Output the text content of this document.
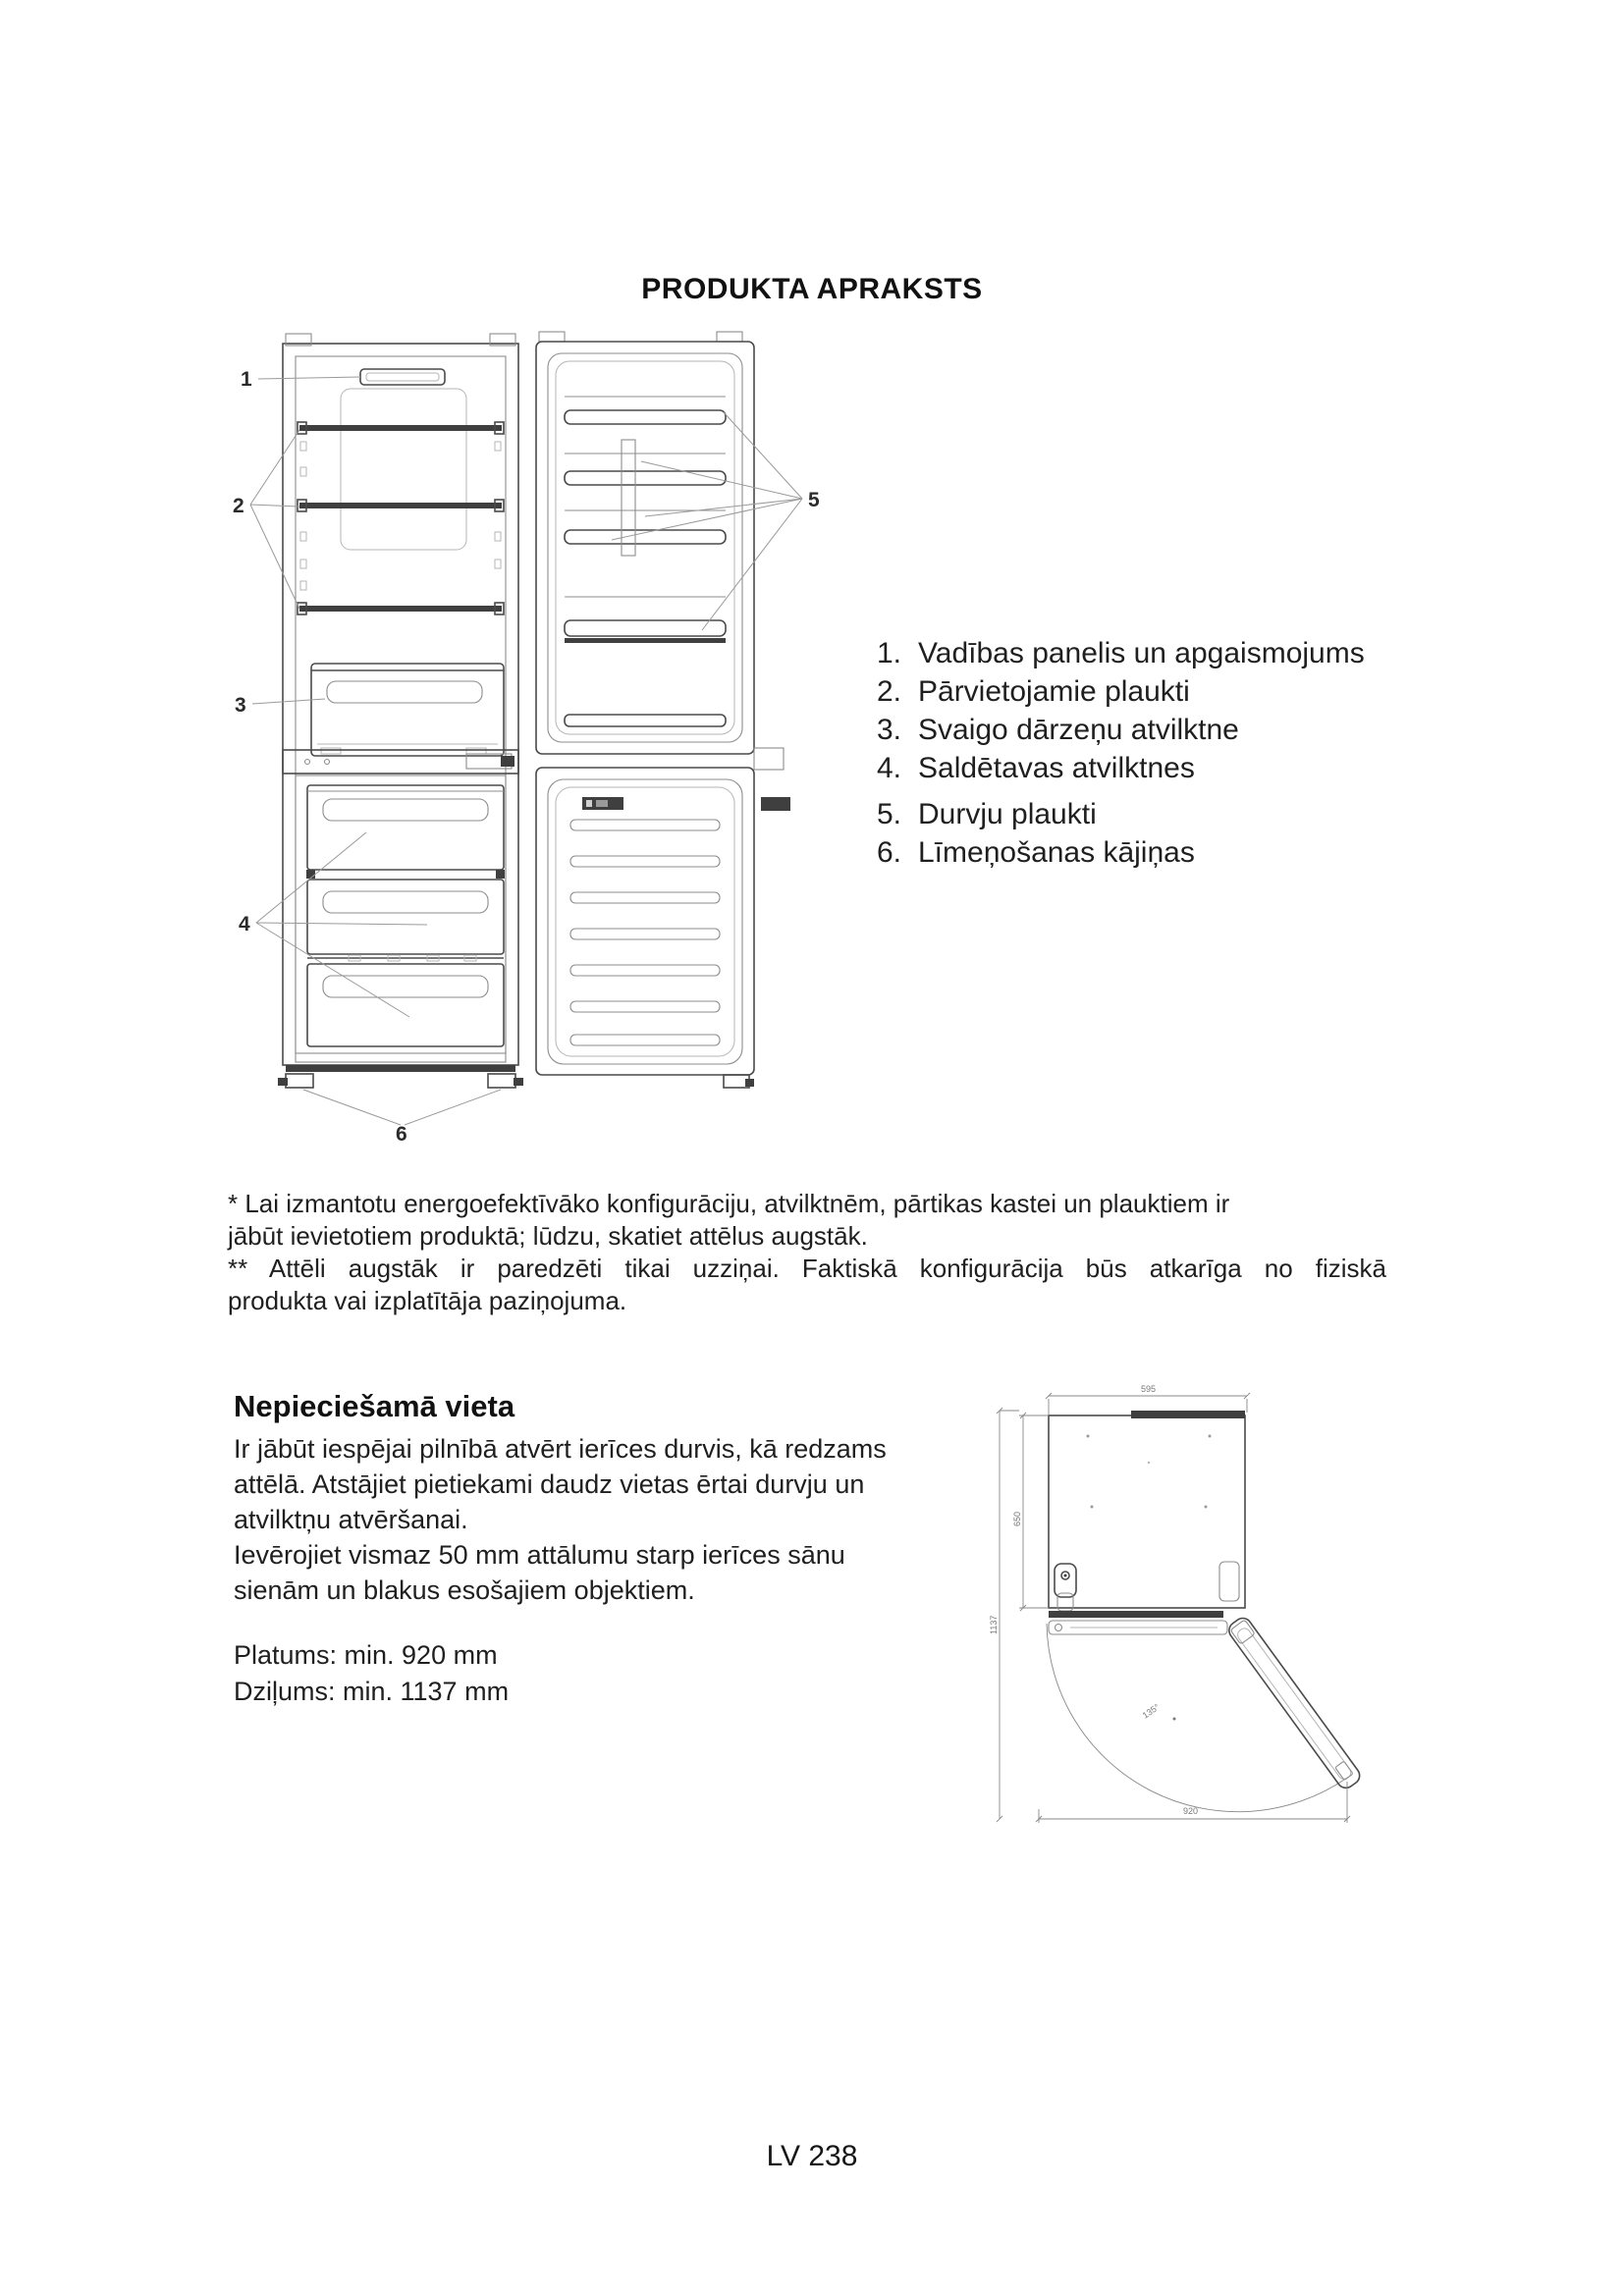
PRODUKTA APRAKSTS
1
2
3
4
5
6
1. Vadības panelis un apgaismojums
2. Pārvietojamie plaukti
3. Svaigo dārzeņu atvilktne
4. Saldētavas atvilktnes
5. Durvju plaukti
6. Līmeņošanas kājiņas
* Lai izmantotu energoefektīvāko konfigurāciju, atvilktnēm, pārtikas kastei un plauktiem ir
jābūt ievietotiem produktā; lūdzu, skatiet attēlus augstāk.
** Attēli augstāk ir paredzēti tikai uzziņai. Faktiskā konfigurācija būs atkarīga no fiziskā
produkta vai izplatītāja paziņojuma.
Nepieciešamā vieta
Ir jābūt iespējai pilnībā atvērt ierīces durvis, kā redzams
attēlā. Atstājiet pietiekami daudz vietas ērtai durvju un
atvilktņu atvēršanai.
Ievērojiet vismaz 50 mm attālumu starp ierīces sānu
sienām un blakus esošajiem objektiem.
Platums: min. 920 mm
Dziļums: min. 1137 mm
595
135°
650
1137
920
LV 238
